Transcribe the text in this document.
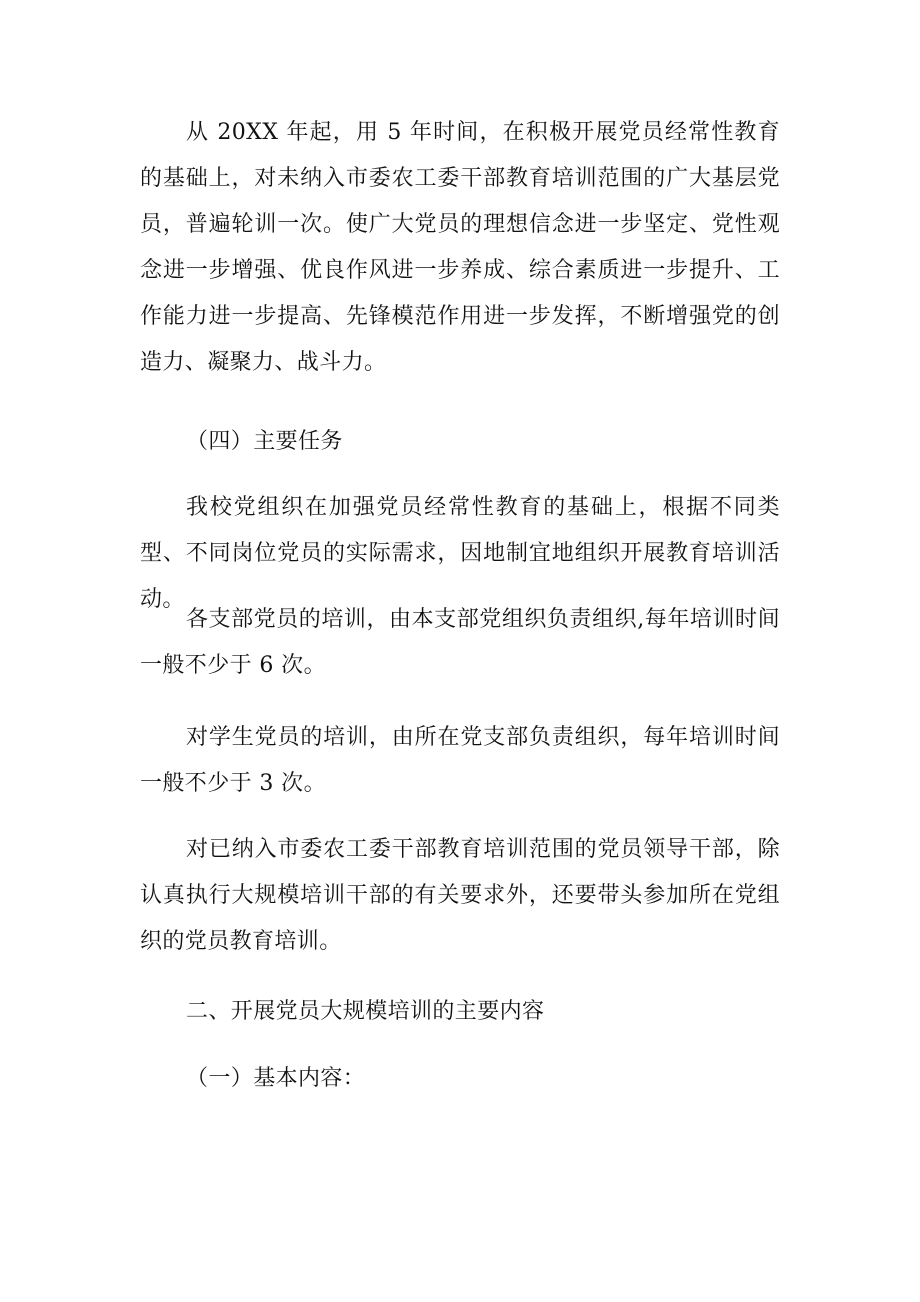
从 20XX 年起，用 5 年时间，在积极开展党员经常性教育的基础上，对未纳入市委农工委干部教育培训范围的广大基层党员，普遍轮训一次。使广大党员的理想信念进一步坚定、党性观念进一步增强、优良作风进一步养成、综合素质进一步提升、工作能力进一步提高、先锋模范作用进一步发挥，不断增强党的创造力、凝聚力、战斗力。

（四）主要任务

我校党组织在加强党员经常性教育的基础上，根据不同类型、不同岗位党员的实际需求，因地制宜地组织开展教育培训活动。

各支部党员的培训，由本支部党组织负责组织,每年培训时间一般不少于 6 次。

对学生党员的培训，由所在党支部负责组织，每年培训时间一般不少于 3 次。

对已纳入市委农工委干部教育培训范围的党员领导干部，除认真执行大规模培训干部的有关要求外，还要带头参加所在党组织的党员教育培训。

二、开展党员大规模培训的主要内容

（一）基本内容：
